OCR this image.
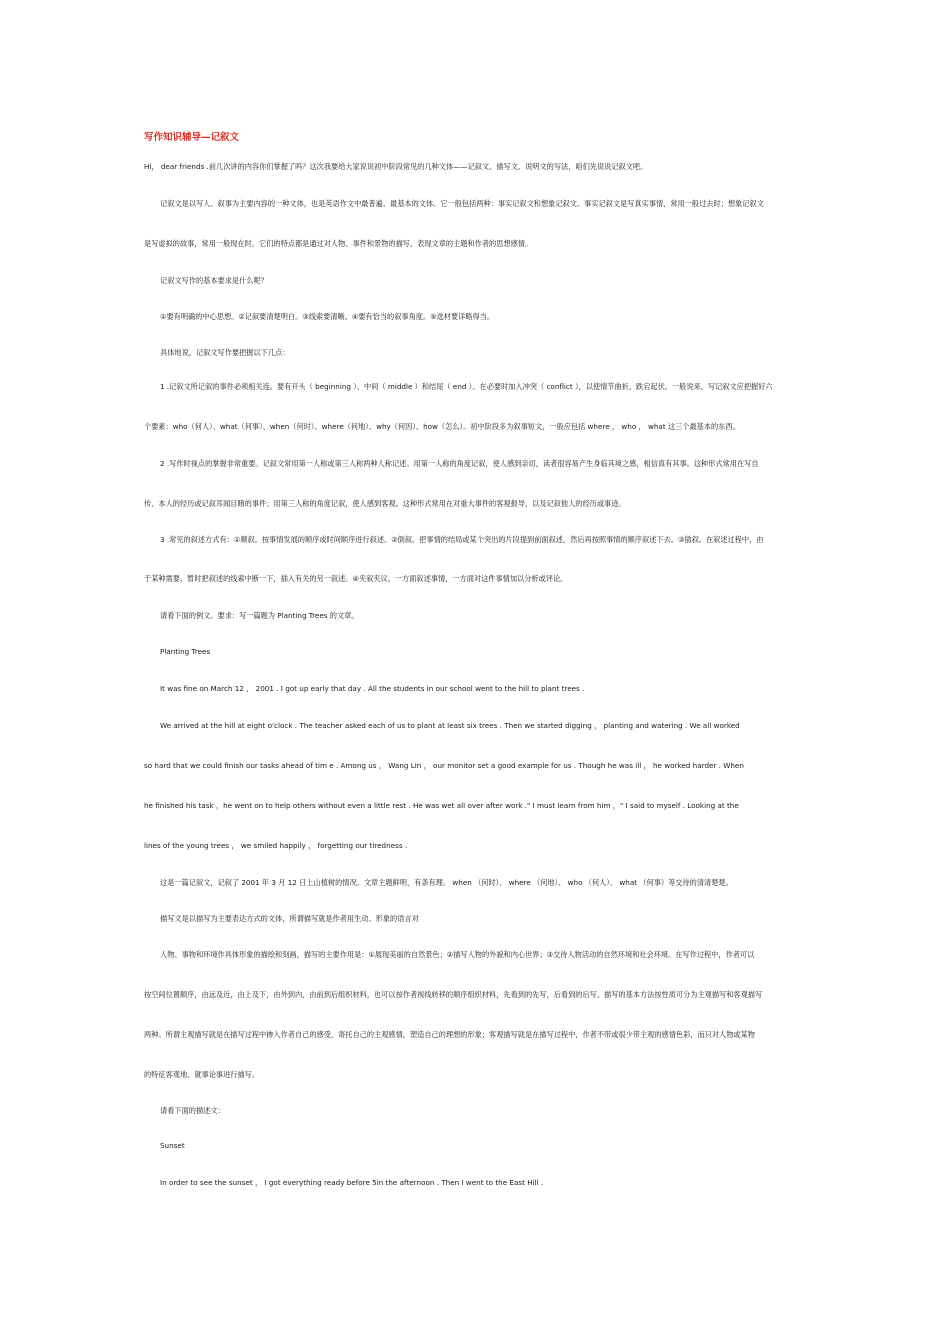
写作知识辅导—记叙文
Hi， dear friends .前几次讲的内容你们掌握了吗？这次我要给大家说说初中阶段常见的几种文体——记叙文、描写文、说明文的写法，咱们先说说记叙文吧。
记叙文是以写人、叙事为主要内容的一种文体，也是英语作文中最普遍、最基本的文体。它一般包括两种：事实记叙文和想象记叙文。事实记叙文是写真实事情，常用一般过去时；想象记叙文
是写虚拟的故事，常用一般现在时。它们的特点都是通过对人物、事件和景物的描写，表现文章的主题和作者的思想感情。
记叙文写作的基本要求是什么呢？
①要有明确的中心思想。②记叙要清楚明白。③线索要清晰。④要有恰当的叙事角度。⑤选材要详略得当。
具体地说，记叙文写作要把握以下几点：
1 .记叙文所记叙的事件必须相关连。要有开头（ beginning ）、中间（ middle ）和结尾（ end ）。在必要时加入冲突（ conflict ），以使情节曲折，跌宕起伏。一般说来，写记叙文应把握好六
个要素：who（何人）、what（何事）、when（何时）、where（何地）、why（何因）、how（怎么）。初中阶段多为叙事短文，一般应包括 where ， who ， what 这三个最基本的东西。
2 .写作时视点的掌握非常重要。记叙文常用第一人称或第三人称两种人称记述。用第一人称的角度记叙，使人感到亲切，读者很容易产生身临其境之感，相信真有其事。这种形式常用在写自
传、本人的经历或记叙耳闻目睹的事件；用第三人称的角度记叙，使人感到客观。这种形式常用在对重大事件的客观报导，以及记叙他人的经历或事迹。
3 .常见的叙述方式有：①顺叙。按事情发展的顺序或时间顺序进行叙述。②倒叙。把事情的结局或某个突出的片段提到前面叙述，然后再按照事情的顺序叙述下去。③插叙。在叙述过程中，由
于某种需要，暂时把叙述的线索中断一下，插入有关的另一叙述。④夹叙夹议。一方面叙述事情，一方面对这件事情加以分析或评论。
请看下面的例文。要求：写一篇题为 Planting Trees 的文章。
Planting Trees
It was fine on March 12 ， 2001 . I got up early that day . All the students in our school went to the hill to plant trees .
We arrived at the hill at eight o'clock . The teacher asked each of us to plant at least six trees . Then we started digging ， planting and watering . We all worked
so hard that we could finish our tasks ahead of tim e . Among us ， Wang Lin ， our monitor set a good example for us . Though he was ill ， he worked harder . When
he finished his task ，he went on to help others without even a little rest . He was wet all over after work ." I must learn from him ，" I said to myself . Looking at the
lines of the young trees ， we smiled happily ， forgetting our tiredness .
这是一篇记叙文，记叙了 2001 年 3 月 12 日上山植树的情况。文章主题鲜明，有条有理。 when （何时）、 where （何地）、 who （何人）、 what （何事）等交待的清清楚楚。
描写文是以描写为主要表达方式的文体，所谓描写就是作者用生动、形象的语言对
人物、事物和环境作具体形象的描绘和刻画，描写的主要作用是：①展现美丽的自然景色；②描写人物的外貌和内心世界；③交待人物活动的自然环境和社会环境。在写作过程中，作者可以
按空间位置顺序，由远及近，由上及下，由外到内，由前到后组织材料，也可以按作者视线转移的顺序组织材料，先看到的先写，后看到的后写。描写的基本方法按性质可分为主观描写和客观描写
两种。所谓主观描写就是在描写过程中掺入作者自己的感受，寄托自己的主观感情，塑造自己的理想的形象；客观描写就是在描写过程中，作者不带或很少带主观的感情色彩，而只对人物或某物
的特征客观地、就事论事进行描写。
请看下面的描述文：
Sunset
In order to see the sunset ， I got everything ready before 5in the afternoon . Then I went to the East Hill .
